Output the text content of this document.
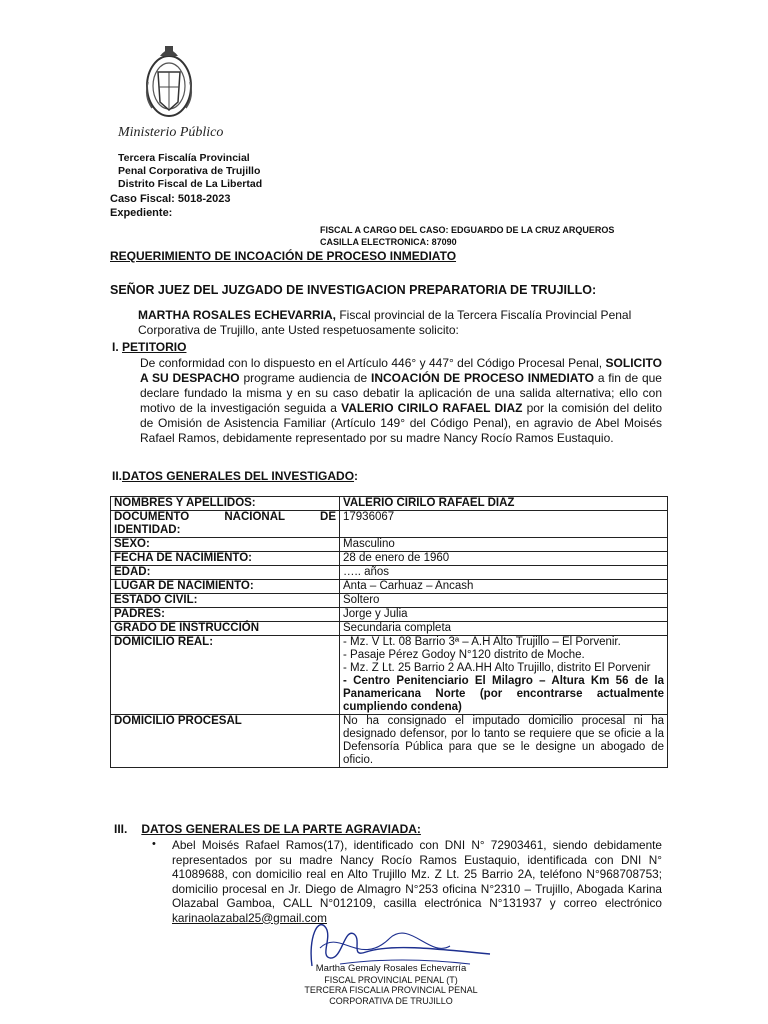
Ministerio Público
Tercera Fiscalía Provincial
Penal Corporativa de Trujillo
Distrito Fiscal de La Libertad
Caso Fiscal: 5018-2023
Expediente:
FISCAL A CARGO DEL CASO: EDGUARDO DE LA CRUZ ARQUEROS
CASILLA ELECTRONICA: 87090
REQUERIMIENTO DE INCOACIÓN DE PROCESO INMEDIATO
SEÑOR JUEZ DEL JUZGADO DE INVESTIGACION PREPARATORIA DE TRUJILLO:
MARTHA ROSALES ECHEVARRIA, Fiscal provincial de la Tercera Fiscalía Provincial Penal Corporativa de Trujillo, ante Usted respetuosamente solicito:
I. PETITORIO
De conformidad con lo dispuesto en el Artículo 446° y 447° del Código Procesal Penal, SOLICITO A SU DESPACHO programe audiencia de INCOACIÓN DE PROCESO INMEDIATO a fin de que declare fundado la misma y en su caso debatir la aplicación de una salida alternativa; ello con motivo de la investigación seguida a VALERIO CIRILO RAFAEL DIAZ por la comisión del delito de Omisión de Asistencia Familiar (Artículo 149° del Código Penal), en agravio de Abel Moisés Rafael Ramos, debidamente representado por su madre Nancy Rocío Ramos Eustaquio.
II.DATOS GENERALES DEL INVESTIGADO:
NOMBRES Y APELLIDOS:	VALERIO CIRILO RAFAEL DIAZ
DOCUMENTO NACIONAL DE IDENTIDAD:	17936067
SEXO:	Masculino
FECHA DE NACIMIENTO:	28 de enero de 1960
EDAD:	….. años
LUGAR DE NACIMIENTO:	Anta – Carhuaz – Ancash
ESTADO CIVIL:	Soltero
PADRES:	Jorge y Julia
GRADO DE INSTRUCCIÓN	Secundaria completa
DOMICILIO REAL:	- Mz. V Lt. 08 Barrio 3ª – A.H Alto Trujillo – El Porvenir.
- Pasaje Pérez Godoy N°120 distrito de Moche.
- Mz. Z Lt. 25 Barrio 2 AA.HH Alto Trujillo, distrito El Porvenir
- Centro Penitenciario El Milagro – Altura Km 56 de la Panamericana Norte (por encontrarse actualmente cumpliendo condena)

DOMICILIO PROCESAL	No ha consignado el imputado domicilio procesal ni ha designado defensor, por lo tanto se requiere que se oficie a la Defensoría Pública para que se le designe un abogado de oficio.
III. DATOS GENERALES DE LA PARTE AGRAVIADA:
• Abel Moisés Rafael Ramos(17), identificado con DNI N° 72903461, siendo debidamente representados por su madre Nancy Rocío Ramos Eustaquio, identificada con DNI N° 41089688, con domicilio real en Alto Trujillo Mz. Z Lt. 25 Barrio 2A, teléfono N°968708753; domicilio procesal en Jr. Diego de Almagro N°253 oficina N°2310 – Trujillo, Abogada Karina Olazabal Gamboa, CALL N°012109, casilla electrónica N°131937 y correo electrónico karinaolazabal25@gmail.com
Martha Gemaly Rosales Echevarría
FISCAL PROVINCIAL PENAL (T)
TERCERA FISCALIA PROVINCIAL PENAL
CORPORATIVA DE TRUJILLO
